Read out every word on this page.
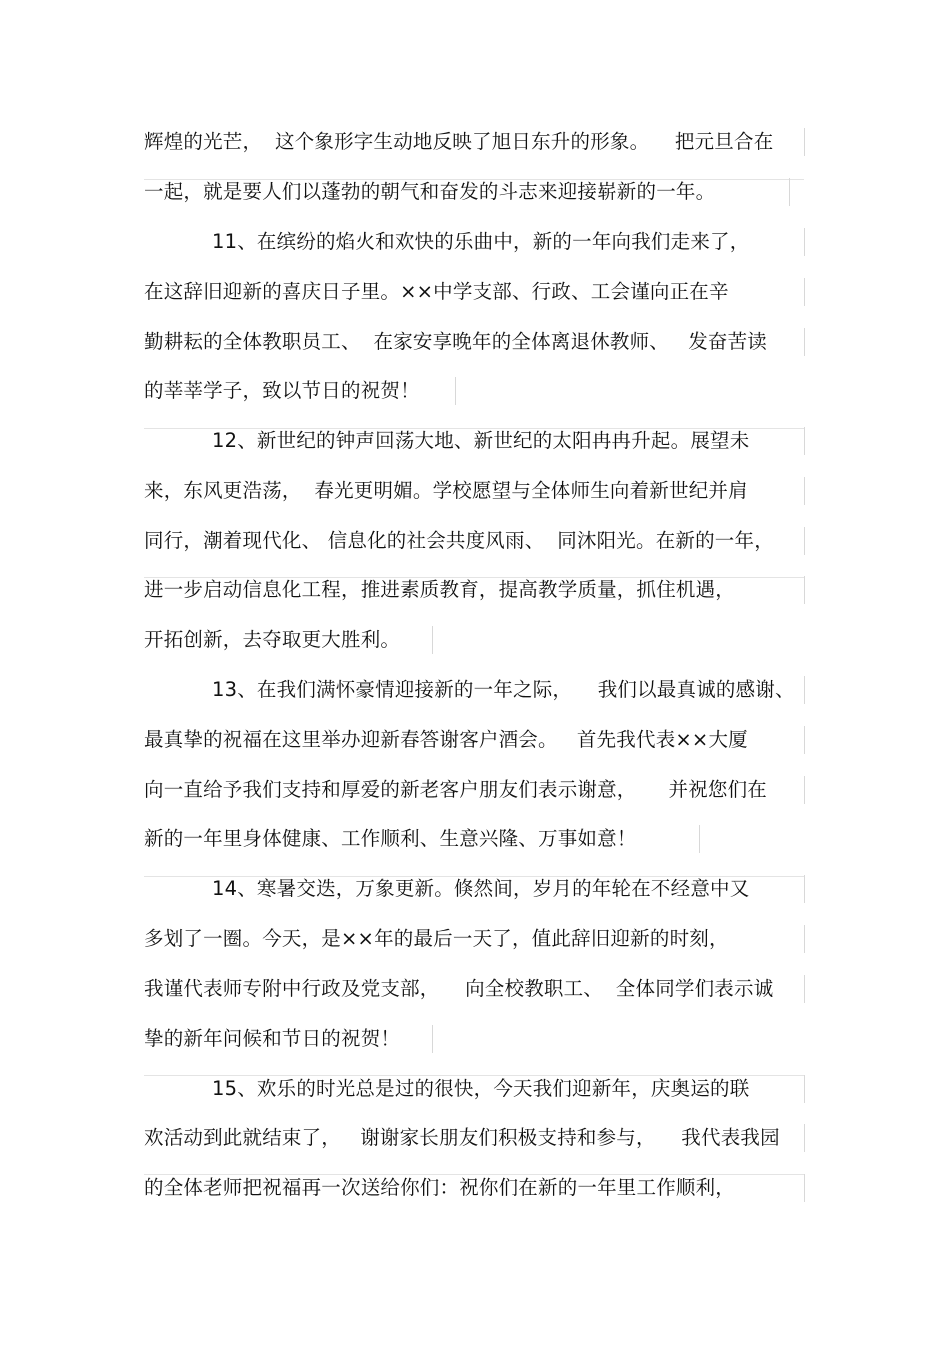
辉煌的光芒，  这个象形字生动地反映了旭日东升的形象。    把元旦合在
一起，就是要人们以蓬勃的朝气和奋发的斗志来迎接崭新的一年。
11、在缤纷的焰火和欢快的乐曲中，新的一年向我们走来了，
在这辞旧迎新的喜庆日子里。××中学支部、行政、工会谨向正在辛
勤耕耘的全体教职员工、  在家安享晚年的全体离退休教师、   发奋苦读
的莘莘学子，致以节日的祝贺！
12、新世纪的钟声回荡大地、新世纪的太阳冉冉升起。展望未
来，东风更浩荡，  春光更明媚。学校愿望与全体师生向着新世纪并肩
同行，潮着现代化、 信息化的社会共度风雨、  同沐阳光。在新的一年，
进一步启动信息化工程，推进素质教育，提高教学质量，抓住机遇，
开拓创新，去夺取更大胜利。
13、在我们满怀豪情迎接新的一年之际，    我们以最真诚的感谢、
最真挚的祝福在这里举办迎新春答谢客户酒会。   首先我代表××大厦
向一直给予我们支持和厚爱的新老客户朋友们表示谢意，     并祝您们在
新的一年里身体健康、工作顺利、生意兴隆、万事如意！
14、寒暑交迭，万象更新。倏然间，岁月的年轮在不经意中又
多划了一圈。今天，是××年的最后一天了，值此辞旧迎新的时刻，
我谨代表师专附中行政及党支部，    向全校教职工、  全体同学们表示诚
挚的新年问候和节日的祝贺！
15、欢乐的时光总是过的很快，今天我们迎新年，庆奥运的联
欢活动到此就结束了，   谢谢家长朋友们积极支持和参与，    我代表我园
的全体老师把祝福再一次送给你们：祝你们在新的一年里工作顺利，
